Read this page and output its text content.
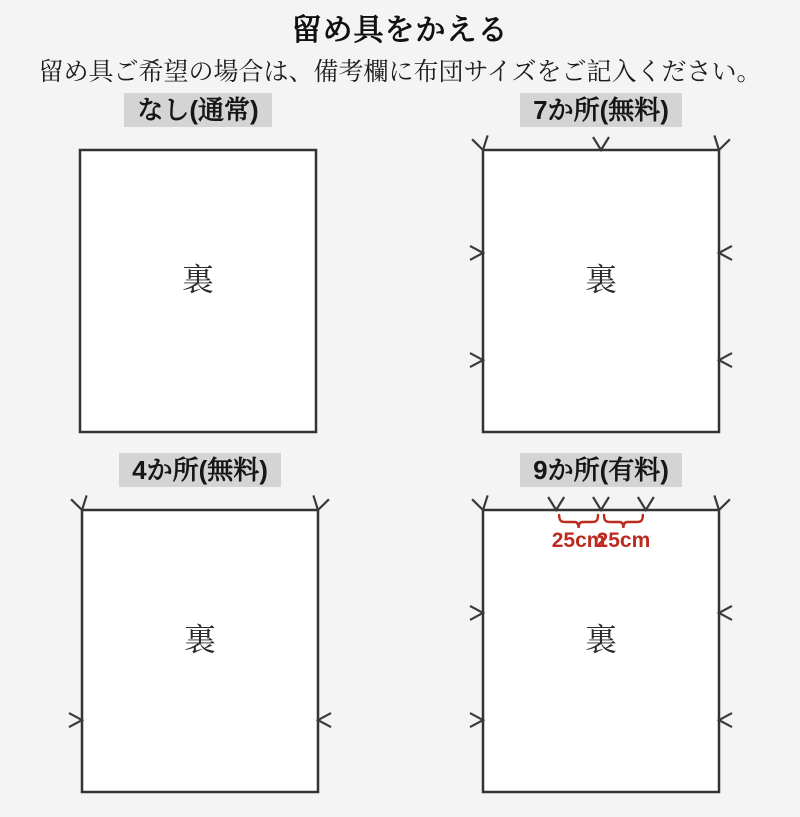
留め具をかえる

留め具ご希望の場合は、備考欄に布団サイズをご記入ください。

なし(通常)
裏
7か所(無料)
裏
4か所(無料)
裏
9か所(有料)
25cm
25cm
裏
